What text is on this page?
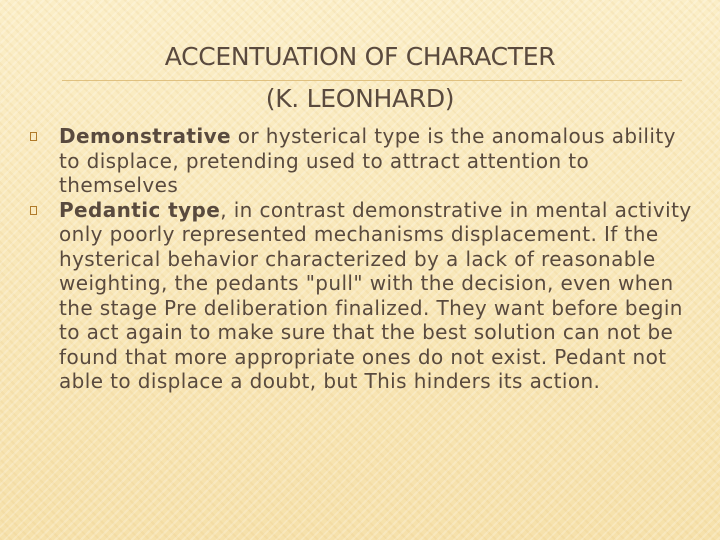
ACCENTUATION OF CHARACTER
(K. LEONHARD)
Demonstrative or hysterical type is the anomalous ability to displace, pretending used to attract attention to themselves
Pedantic type, in contrast demonstrative in mental activity only poorly represented mechanisms displacement. If the hysterical behavior characterized by a lack of reasonable weighting, the pedants "pull" with the decision, even when the stage Pre deliberation finalized. They want before begin to act again to make sure that the best solution can not be found that more appropriate ones do not exist. Pedant not able to displace a doubt, but This hinders its action.
